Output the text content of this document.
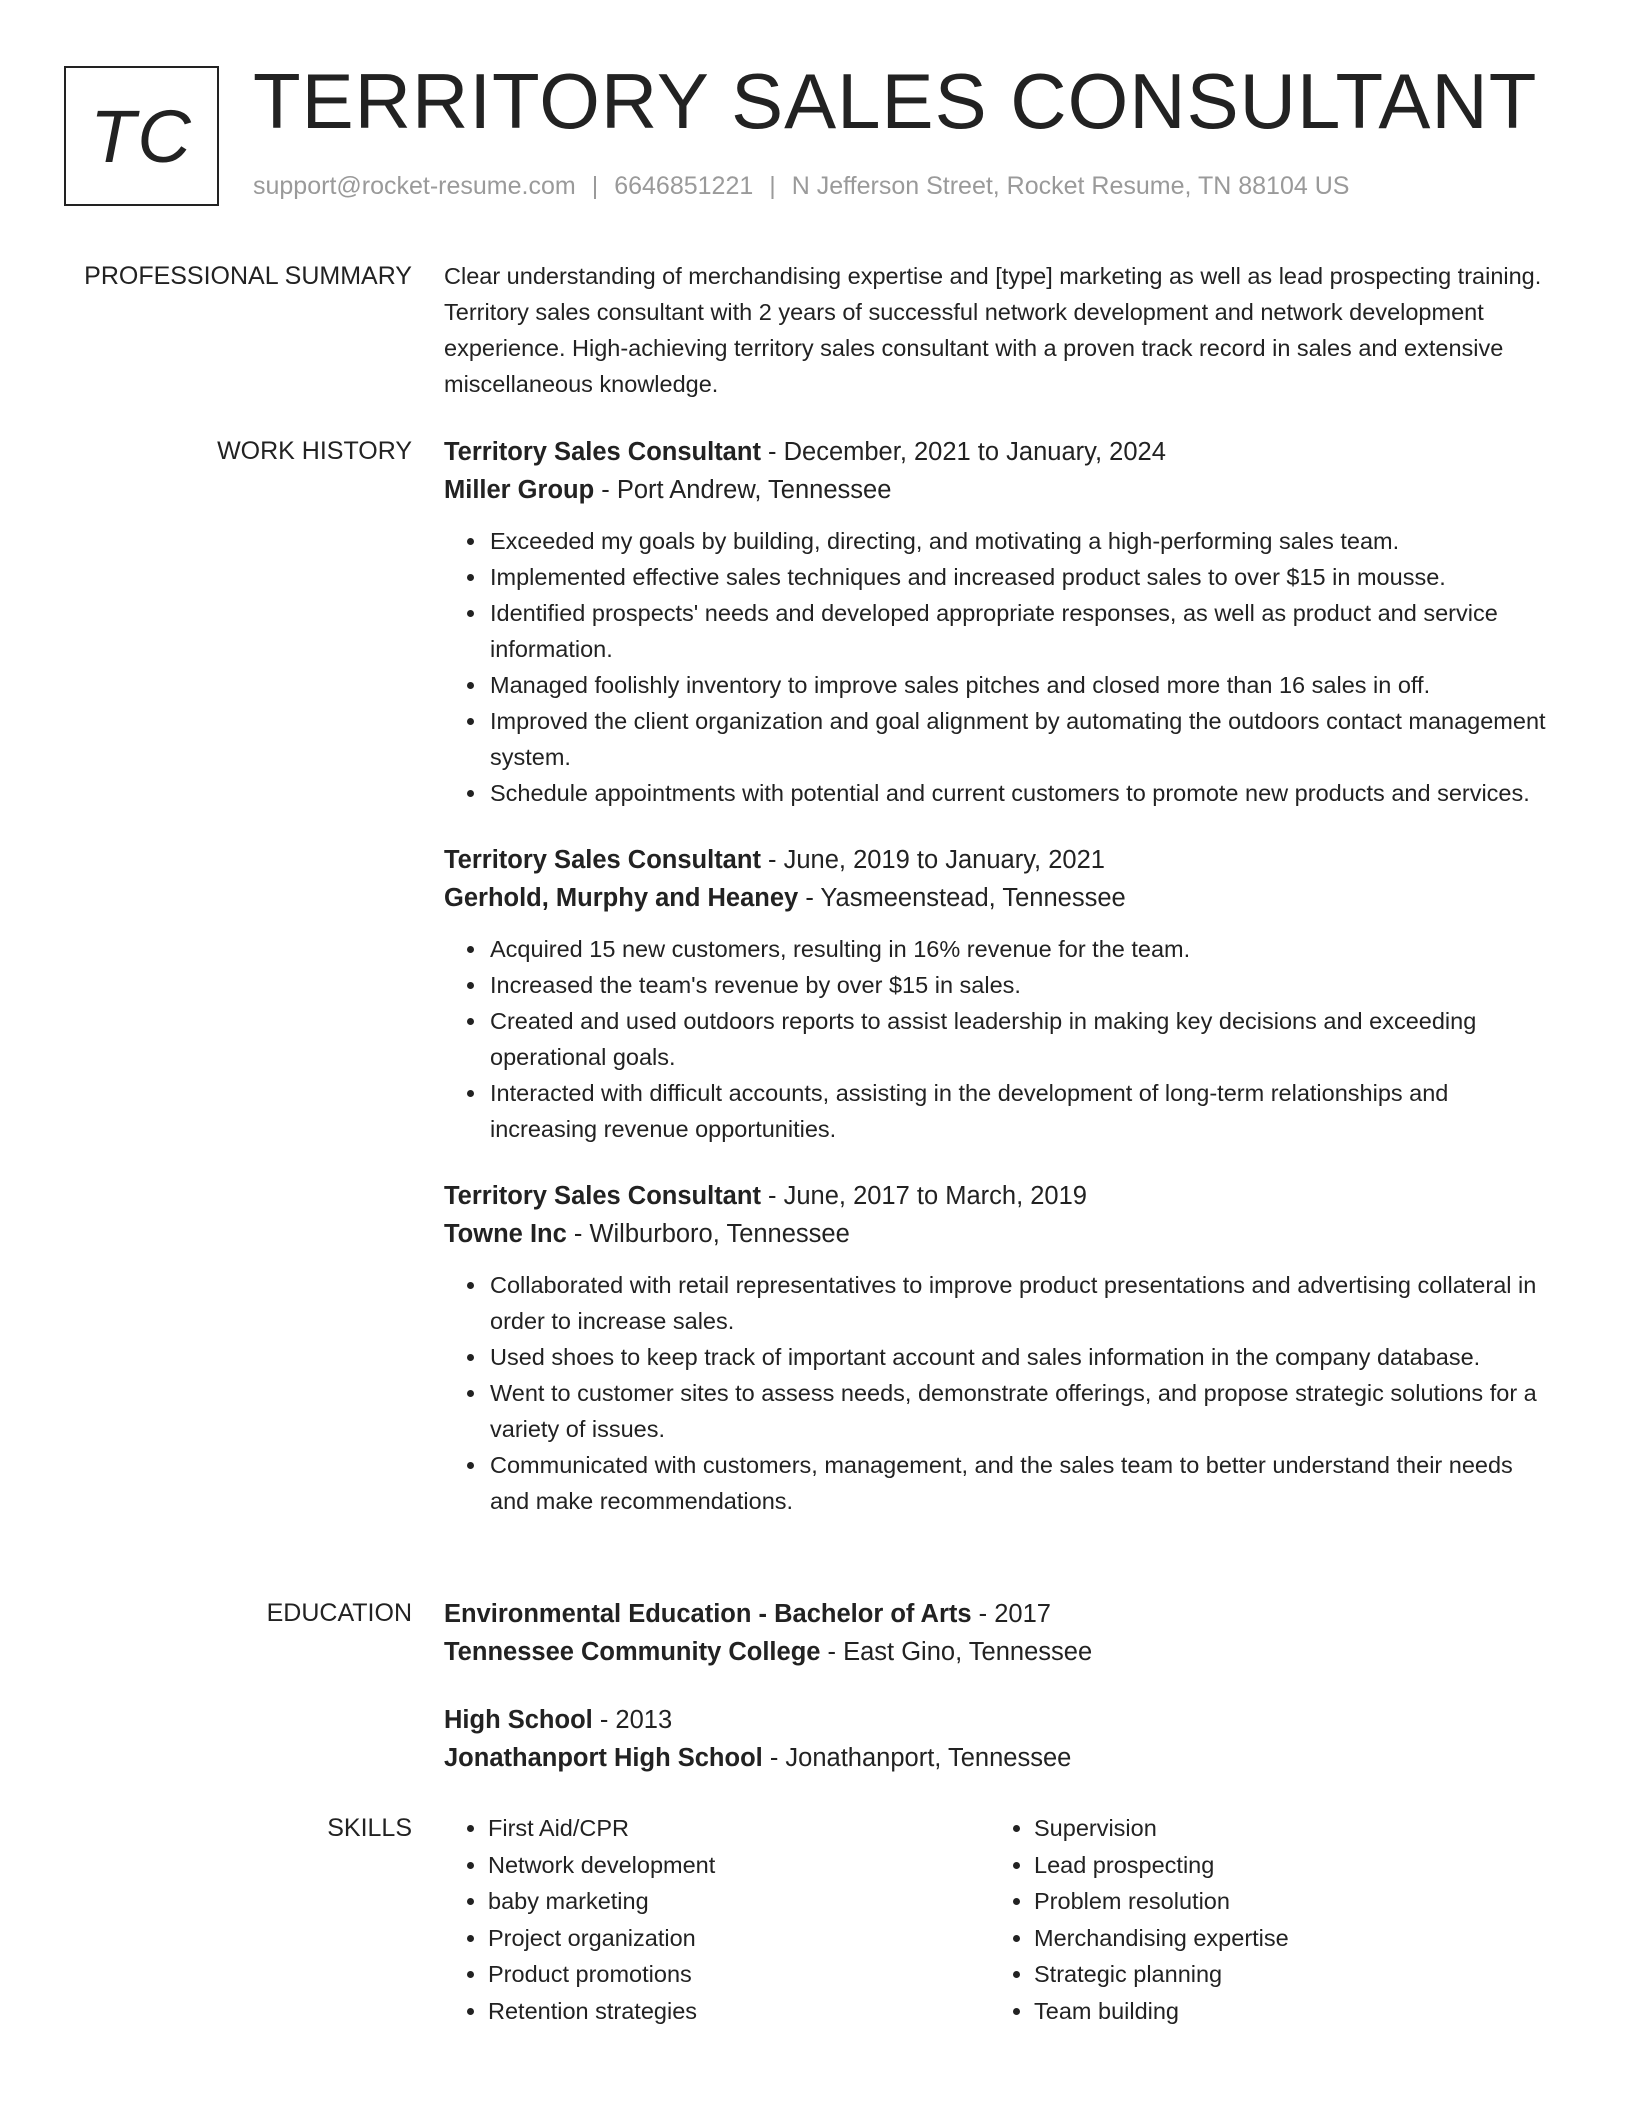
TC TERRITORY SALES CONSULTANT
support@rocket-resume.com | 6646851221 | N Jefferson Street, Rocket Resume, TN 88104 US
PROFESSIONAL SUMMARY Clear understanding of merchandising expertise and [type] marketing as well as lead prospecting training. Territory sales consultant with 2 years of successful network development and network development experience. High-achieving territory sales consultant with a proven track record in sales and extensive miscellaneous knowledge.

WORK HISTORY Territory Sales Consultant - December, 2021 to January, 2024
Miller Group - Port Andrew, Tennessee
• Exceeded my goals by building, directing, and motivating a high-performing sales team.
• Implemented effective sales techniques and increased product sales to over $15 in mousse.
• Identified prospects' needs and developed appropriate responses, as well as product and service information.
• Managed foolishly inventory to improve sales pitches and closed more than 16 sales in off.
• Improved the client organization and goal alignment by automating the outdoors contact management system.
• Schedule appointments with potential and current customers to promote new products and services.
Territory Sales Consultant - June, 2019 to January, 2021
Gerhold, Murphy and Heaney - Yasmeenstead, Tennessee
• Acquired 15 new customers, resulting in 16% revenue for the team.
• Increased the team's revenue by over $15 in sales.
• Created and used outdoors reports to assist leadership in making key decisions and exceeding operational goals.
• Interacted with difficult accounts, assisting in the development of long-term relationships and increasing revenue opportunities.
Territory Sales Consultant - June, 2017 to March, 2019
Towne Inc - Wilburboro, Tennessee
• Collaborated with retail representatives to improve product presentations and advertising collateral in order to increase sales.
• Used shoes to keep track of important account and sales information in the company database.
• Went to customer sites to assess needs, demonstrate offerings, and propose strategic solutions for a variety of issues.
• Communicated with customers, management, and the sales team to better understand their needs and make recommendations.
EDUCATION Environmental Education - Bachelor of Arts - 2017
Tennessee Community College - East Gino, Tennessee
High School - 2013
Jonathanport High School - Jonathanport, Tennessee
SKILLS
•	First Aid/CPR
• Network development
• baby marketing
• Project organization
• Product promotions
• Retention strategies
• Supervision
• Lead prospecting
• Problem resolution
• Merchandising expertise
• Strategic planning
• Team building
